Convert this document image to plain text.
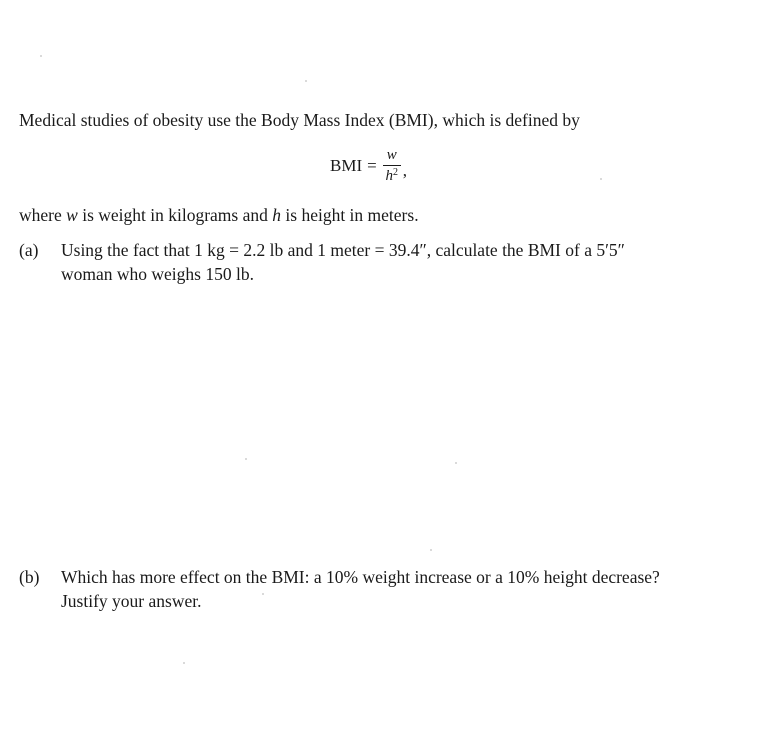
Medical studies of obesity use the Body Mass Index (BMI), which is defined by
BMI = $\frac{w}{h^2}$ ,
where w is weight in kilograms and h is height in meters.
(a) Using the fact that 1 kg = 2.2 lb and 1 meter = 39.4″, calculate the BMI of a 5′5″
woman who weighs 150 lb.
(b) Which has more effect on the BMI: a 10% weight increase or a 10% height decrease?
Justify your answer.
